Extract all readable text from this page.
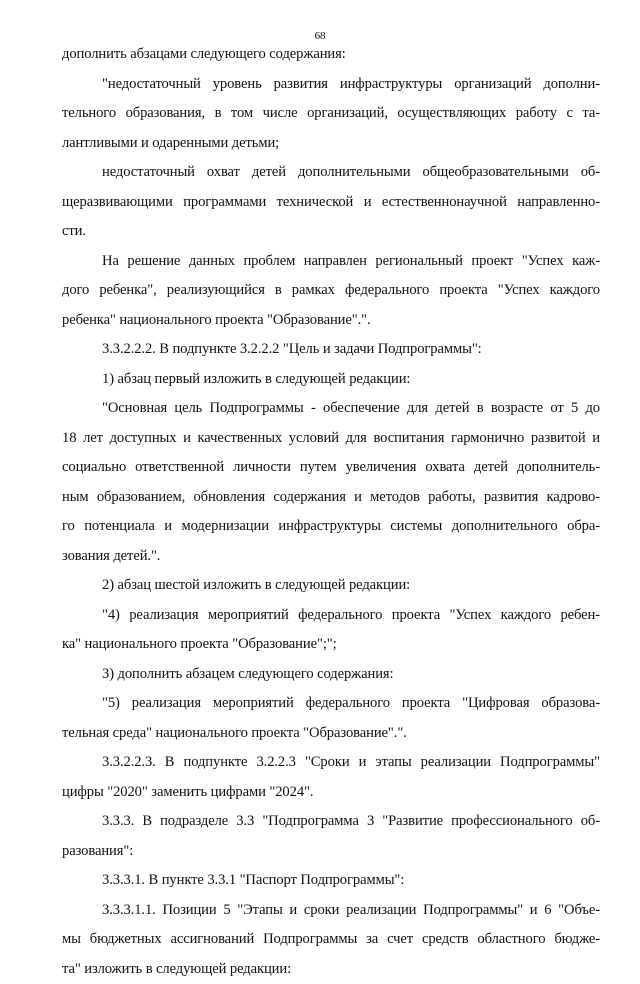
68
дополнить абзацами следующего содержания:
"недостаточный уровень развития инфраструктуры организаций дополни-
тельного образования, в том числе организаций, осуществляющих работу с та-
лантливыми и одаренными детьми;
недостаточный охват детей дополнительными общеобразовательными об-
щеразвивающими программами технической и естественнонаучной направленно-
сти.
На решение данных проблем направлен региональный проект "Успех каж-
дого ребенка", реализующийся в рамках федерального проекта "Успех каждого
ребенка" национального проекта "Образование".".
3.3.2.2.2. В подпункте 3.2.2.2 "Цель и задачи Подпрограммы":
1) абзац первый изложить в следующей редакции:
"Основная цель Подпрограммы - обеспечение для детей в возрасте от 5 до
18 лет доступных и качественных условий для воспитания гармонично развитой и
социально ответственной личности путем увеличения охвата детей дополнитель-
ным образованием, обновления содержания и методов работы, развития кадрово-
го потенциала и модернизации инфраструктуры системы дополнительного обра-
зования детей.".
2) абзац шестой изложить в следующей редакции:
"4) реализация мероприятий федерального проекта "Успех каждого ребен-
ка" национального проекта "Образование";";
3) дополнить абзацем следующего содержания:
"5) реализация мероприятий федерального проекта "Цифровая образова-
тельная среда" национального проекта "Образование".".
3.3.2.2.3. В подпункте 3.2.2.3 "Сроки и этапы реализации Подпрограммы"
цифры "2020" заменить цифрами "2024".
3.3.3. В подразделе 3.3 "Подпрограмма 3 "Развитие профессионального об-
разования":
3.3.3.1. В пункте 3.3.1 "Паспорт Подпрограммы":
3.3.3.1.1. Позиции 5 "Этапы и сроки реализации Подпрограммы" и 6 "Объе-
мы бюджетных ассигнований Подпрограммы за счет средств областного бюдже-
та" изложить в следующей редакции:
